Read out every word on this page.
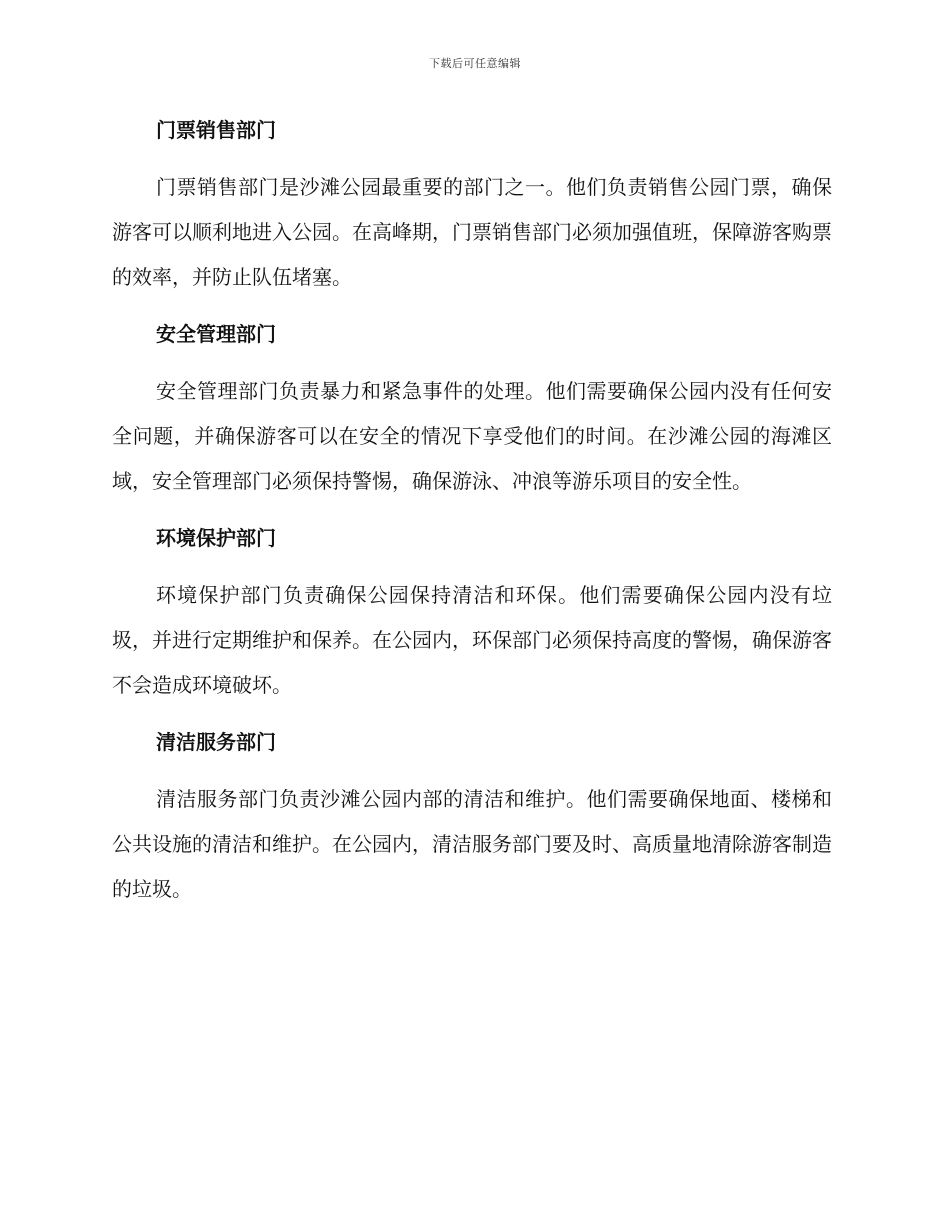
下载后可任意编辑
门票销售部门

门票销售部门是沙滩公园最重要的部门之一。他们负责销售公园门票，确保游客可以顺利地进入公园。在高峰期，门票销售部门必须加强值班，保障游客购票的效率，并防止队伍堵塞。

安全管理部门

安全管理部门负责暴力和紧急事件的处理。他们需要确保公园内没有任何安全问题，并确保游客可以在安全的情况下享受他们的时间。在沙滩公园的海滩区域，安全管理部门必须保持警惕，确保游泳、冲浪等游乐项目的安全性。

环境保护部门

环境保护部门负责确保公园保持清洁和环保。他们需要确保公园内没有垃圾，并进行定期维护和保养。在公园内，环保部门必须保持高度的警惕，确保游客不会造成环境破坏。

清洁服务部门

清洁服务部门负责沙滩公园内部的清洁和维护。他们需要确保地面、楼梯和公共设施的清洁和维护。在公园内，清洁服务部门要及时、高质量地清除游客制造的垃圾。
